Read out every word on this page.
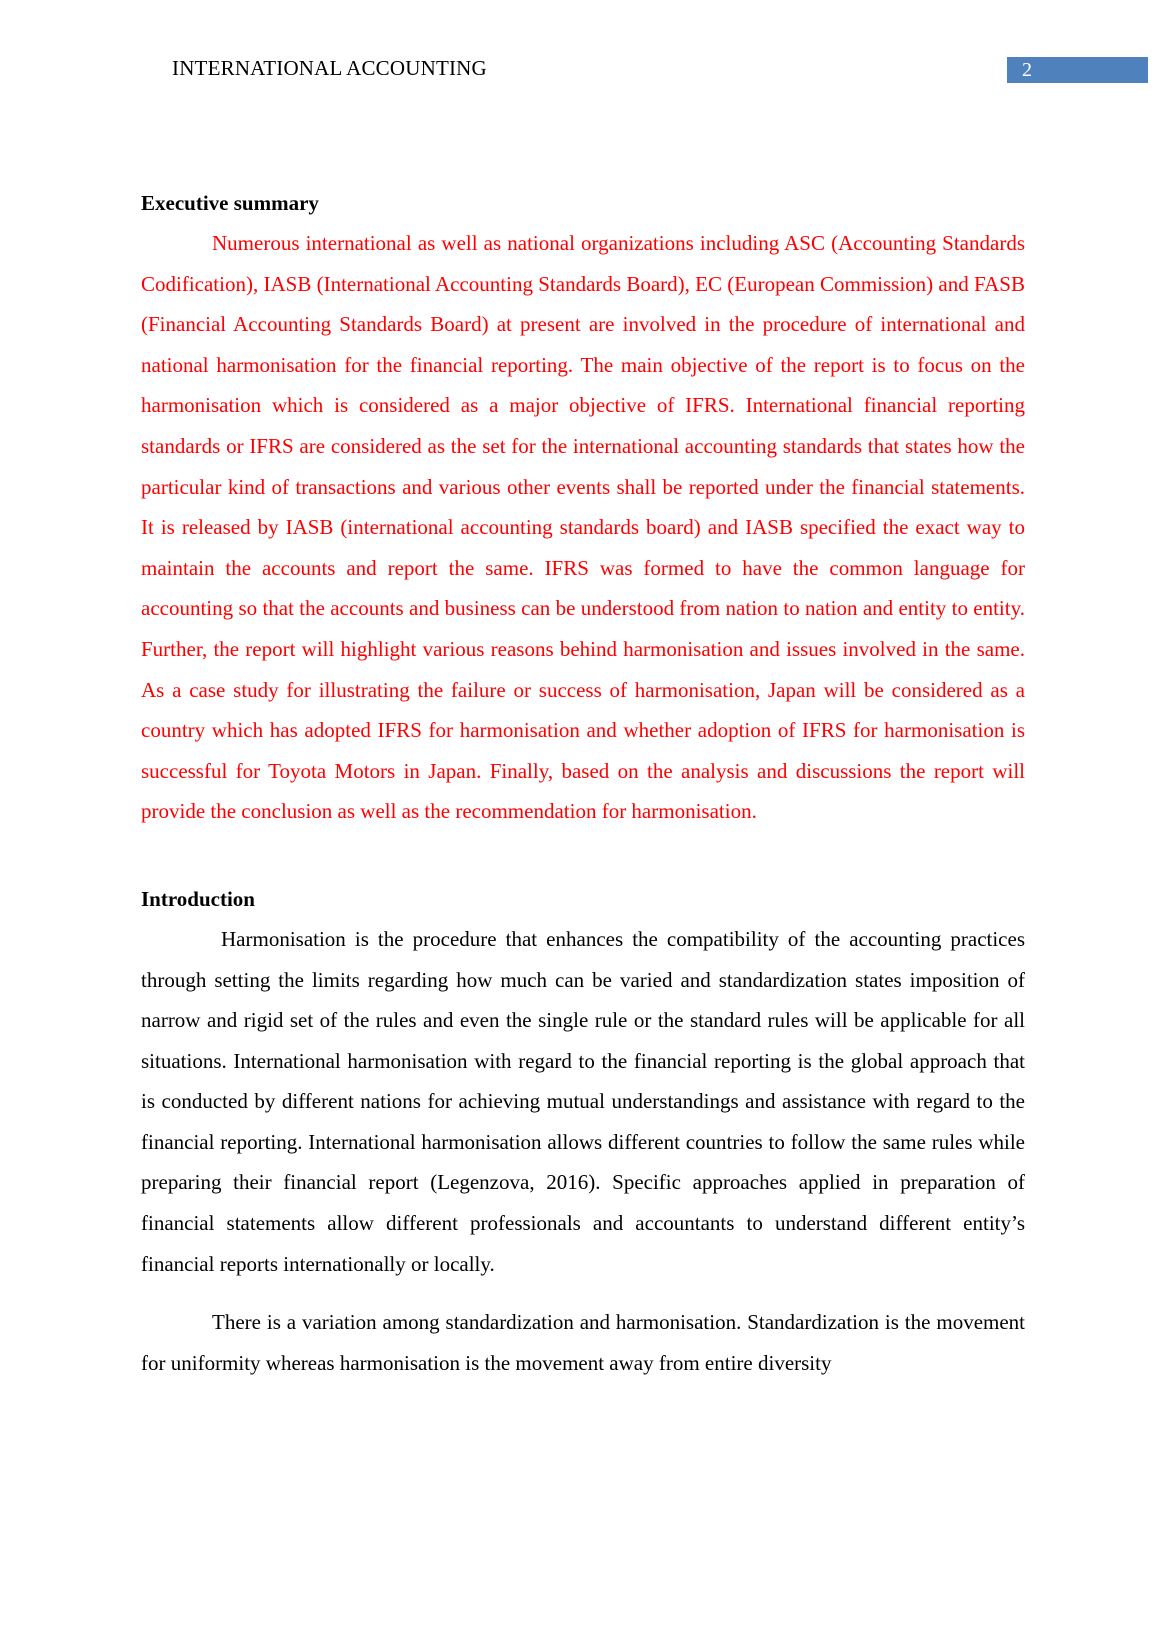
INTERNATIONAL ACCOUNTING	2
Executive summary

Numerous international as well as national organizations including ASC (Accounting Standards Codification), IASB (International Accounting Standards Board), EC (European Commission) and FASB (Financial Accounting Standards Board) at present are involved in the procedure of international and national harmonisation for the financial reporting. The main objective of the report is to focus on the harmonisation which is considered as a major objective of IFRS. International financial reporting standards or IFRS are considered as the set for the international accounting standards that states how the particular kind of transactions and various other events shall be reported under the financial statements. It is released by IASB (international accounting standards board) and IASB specified the exact way to maintain the accounts and report the same. IFRS was formed to have the common language for accounting so that the accounts and business can be understood from nation to nation and entity to entity. Further, the report will highlight various reasons behind harmonisation and issues involved in the same. As a case study for illustrating the failure or success of harmonisation, Japan will be considered as a country which has adopted IFRS for harmonisation and whether adoption of IFRS for harmonisation is successful for Toyota Motors in Japan. Finally, based on the analysis and discussions the report will provide the conclusion as well as the recommendation for harmonisation.

Introduction

Harmonisation is the procedure that enhances the compatibility of the accounting practices through setting the limits regarding how much can be varied and standardization states imposition of narrow and rigid set of the rules and even the single rule or the standard rules will be applicable for all situations. International harmonisation with regard to the financial reporting is the global approach that is conducted by different nations for achieving mutual understandings and assistance with regard to the financial reporting. International harmonisation allows different countries to follow the same rules while preparing their financial report (Legenzova, 2016). Specific approaches applied in preparation of financial statements allow different professionals and accountants to understand different entity’s financial reports internationally or locally.

There is a variation among standardization and harmonisation. Standardization is the movement for uniformity whereas harmonisation is the movement away from entire diversity
